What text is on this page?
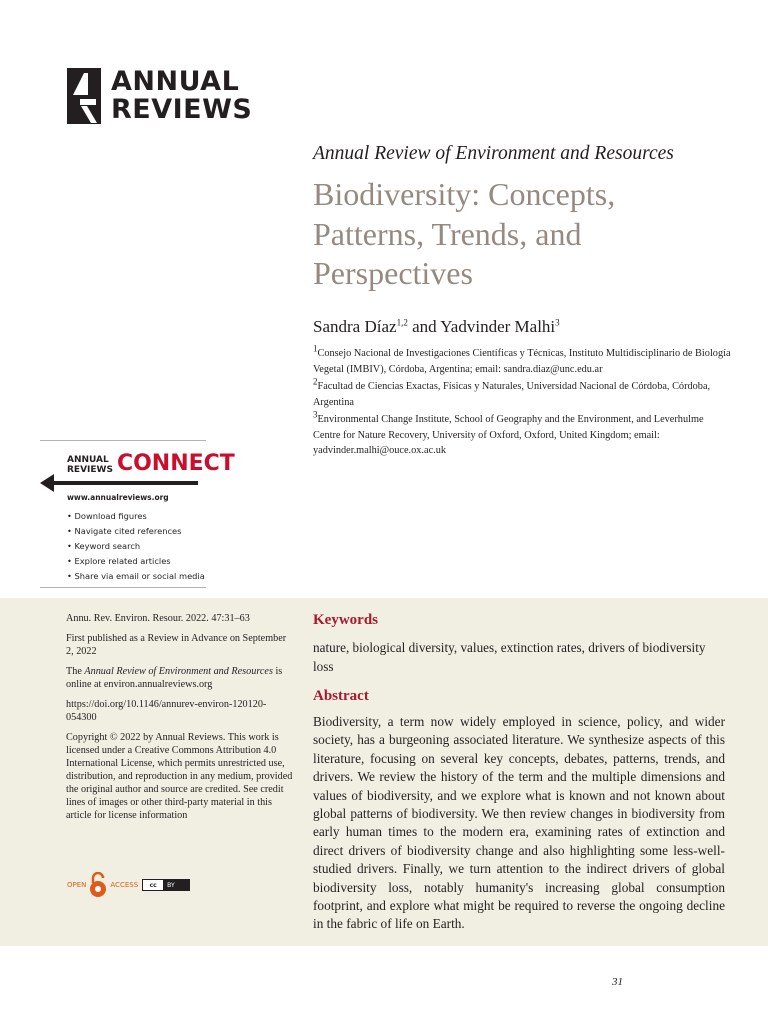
ANNUAL
REVIEWS
Annual Review of Environment and Resources
Biodiversity: Concepts, Patterns, Trends, and Perspectives
Sandra Díaz$^{1,2}$ and Yadvinder Malhi$^3$
$^1$Consejo Nacional de Investigaciones Científicas y Técnicas, Instituto Multidisciplinario de Biología Vegetal (IMBIV), Córdoba, Argentina; email: sandra.diaz@unc.edu.ar
$^2$Facultad de Ciencias Exactas, Físicas y Naturales, Universidad Nacional de Córdoba, Córdoba, Argentina
$^3$Environmental Change Institute, School of Geography and the Environment, and Leverhulme Centre for Nature Recovery, University of Oxford, Oxford, United Kingdom; email: yadvinder.malhi@ouce.ox.ac.uk
ANNUAL
REVIEWS CONNECT
www.annualreviews.org
• Download figures
• Navigate cited references
• Keyword search
• Explore related articles
• Share via email or social media

Annu. Rev. Environ. Resour. 2022. 47:31–63

First published as a Review in Advance on September 2, 2022

The Annual Review of Environment and Resources is online at environ.annualreviews.org

https://doi.org/10.1146/annurev-environ-120120-054300

Copyright © 2022 by Annual Reviews. This work is licensed under a Creative Commons Attribution 4.0 International License, which permits unrestricted use, distribution, and reproduction in any medium, provided the original author and source are credited. See credit lines of images or other third-party material in this article for license information

OPEN	ACCESS	cc	BY
Keywords
nature, biological diversity, values, extinction rates, drivers of biodiversity loss
Abstract
Biodiversity, a term now widely employed in science, policy, and wider society, has a burgeoning associated literature. We synthesize aspects of this literature, focusing on several key concepts, debates, patterns, trends, and drivers. We review the history of the term and the multiple dimensions and values of biodiversity, and we explore what is known and not known about global patterns of biodiversity. We then review changes in biodiversity from early human times to the modern era, examining rates of extinction and direct drivers of biodiversity change and also highlighting some less-well-studied drivers. Finally, we turn attention to the indirect drivers of global biodiversity loss, notably humanity's increasing global consumption footprint, and explore what might be required to reverse the ongoing decline in the fabric of life on Earth.
31
